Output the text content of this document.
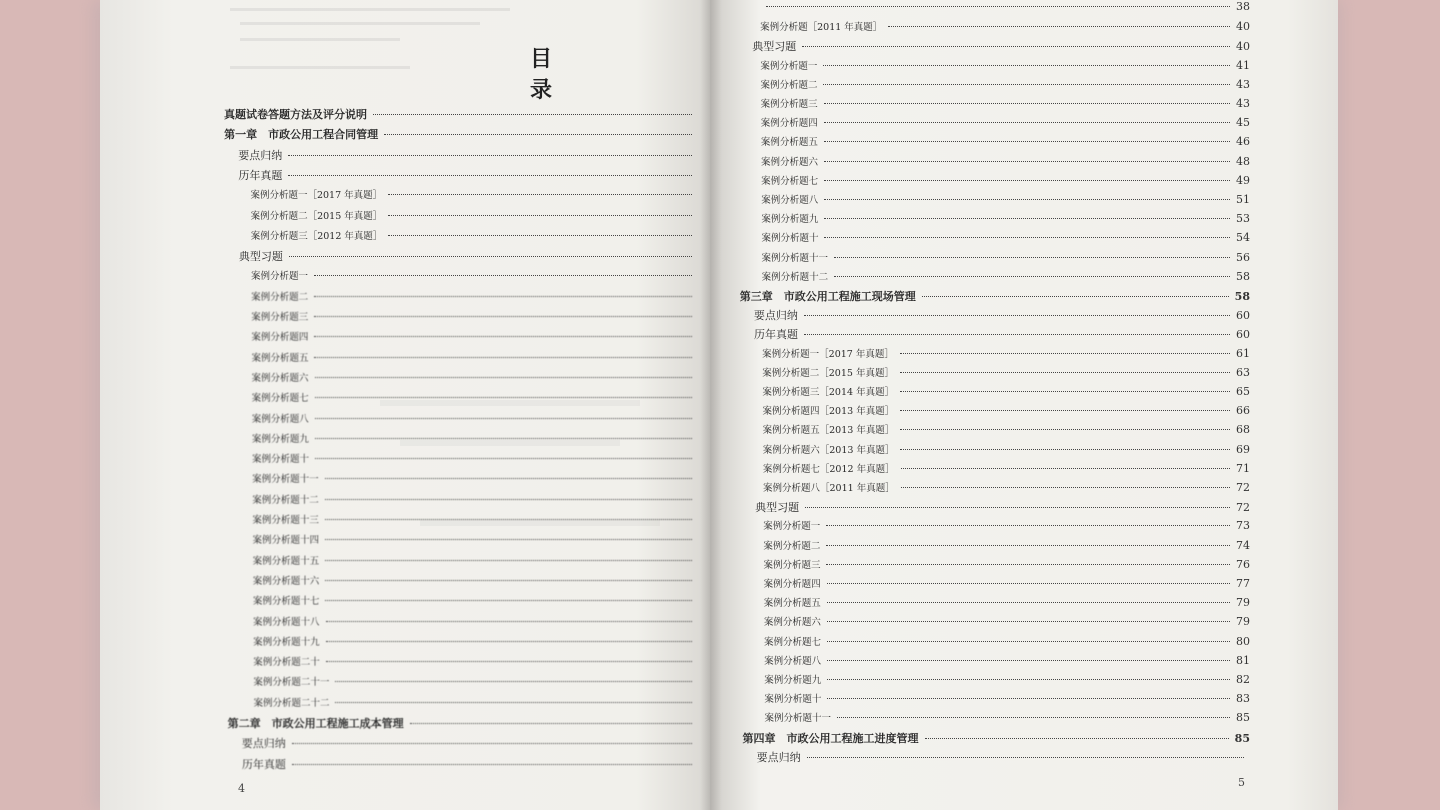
目 录
真题试卷答题方法及评分说明
第一章　市政公用工程合同管理
要点归纳
历年真题
案例分析题一［2017 年真题］
案例分析题二［2015 年真题］
案例分析题三［2012 年真题］
典型习题
案例分析题一
案例分析题二
案例分析题三
案例分析题四
案例分析题五
案例分析题六
案例分析题七
案例分析题八
案例分析题九
案例分析题十
案例分析题十一
案例分析题十二
案例分析题十三
案例分析题十四
案例分析题十五
案例分析题十六
案例分析题十七
案例分析题十八
案例分析题十九
案例分析题二十
案例分析题二十一
案例分析题二十二
第二章　市政公用工程施工成本管理
要点归纳
历年真题
4
38
案例分析题［2011 年真题］	40
典型习题	40
案例分析题一	41
案例分析题二	43
案例分析题三	43
案例分析题四	45
案例分析题五	46
案例分析题六	48
案例分析题七	49
案例分析题八	51
案例分析题九	53
案例分析题十	54
案例分析题十一	56
案例分析题十二	58
第三章　市政公用工程施工现场管理	58
要点归纳	60
历年真题	60
案例分析题一［2017 年真题］	61
案例分析题二［2015 年真题］	63
案例分析题三［2014 年真题］	65
案例分析题四［2013 年真题］	66
案例分析题五［2013 年真题］	68
案例分析题六［2013 年真题］	69
案例分析题七［2012 年真题］	71
案例分析题八［2011 年真题］	72
典型习题	72
案例分析题一	73
案例分析题二	74
案例分析题三	76
案例分析题四	77
案例分析题五	79
案例分析题六	79
案例分析题七	80
案例分析题八	81
案例分析题九	82
案例分析题十	83
案例分析题十一	85
第四章　市政公用工程施工进度管理	85
要点归纳
5
